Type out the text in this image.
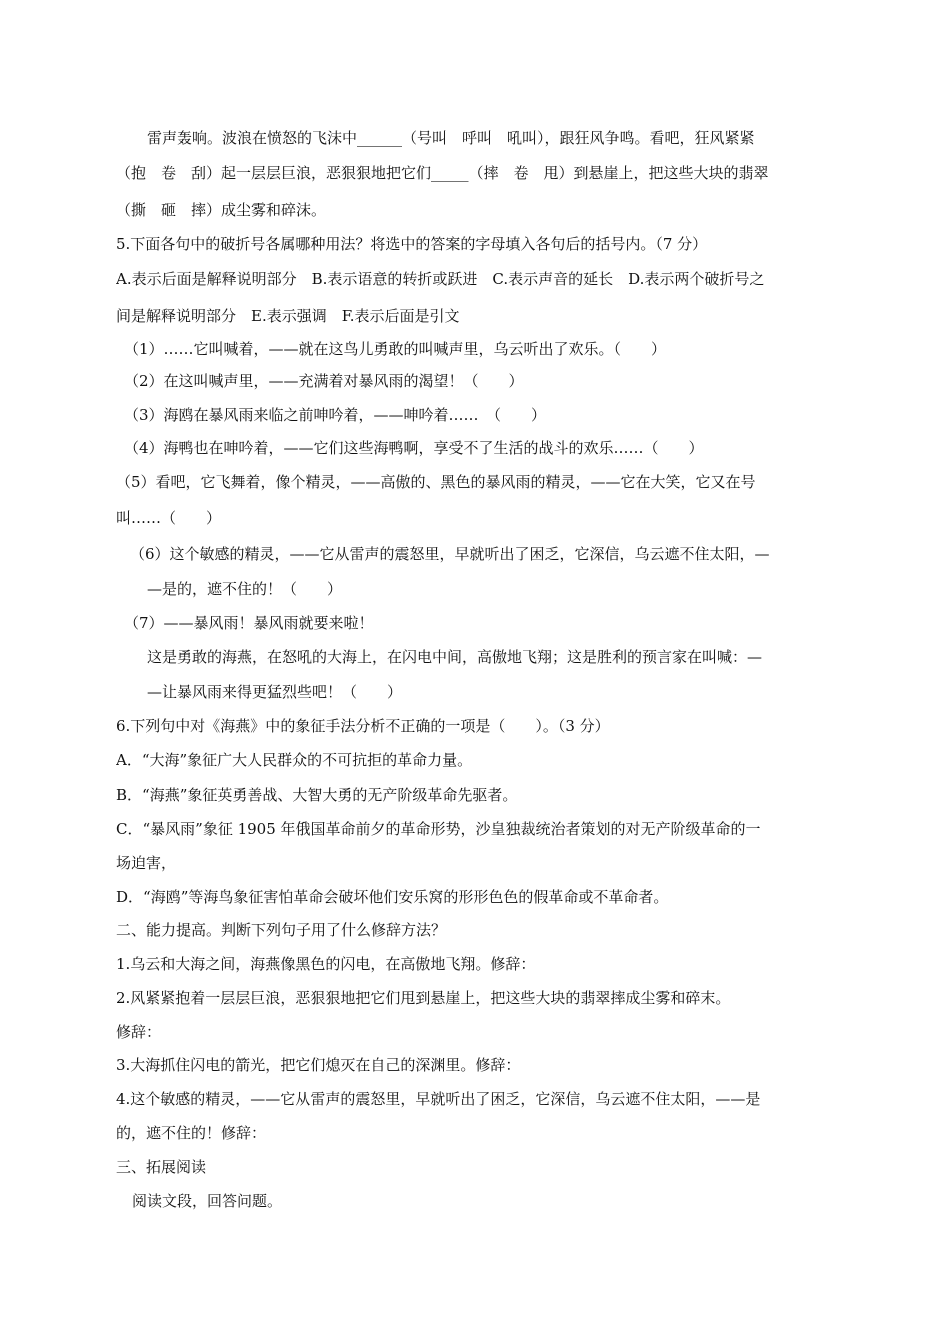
雷声轰响。波浪在愤怒的飞沫中______（号叫　呼叫　吼叫），跟狂风争鸣。看吧，狂风紧紧
（抱　卷　刮）起一层层巨浪，恶狠狠地把它们_____（摔　卷　甩）到悬崖上，把这些大块的翡翠
（撕　砸　摔）成尘雾和碎沫。
5.下面各句中的破折号各属哪种用法？将选中的答案的字母填入各句后的括号内。（7 分）
A.表示后面是解释说明部分　B.表示语意的转折或跃进　C.表示声音的延长　D.表示两个破折号之
间是解释说明部分　E.表示强调　F.表示后面是引文
（1）……它叫喊着，——就在这鸟儿勇敢的叫喊声里，乌云听出了欢乐。（　　）
（2）在这叫喊声里，——充满着对暴风雨的渴望！（　　）
（3）海鸥在暴风雨来临之前呻吟着，——呻吟着……　（　　）
（4）海鸭也在呻吟着，——它们这些海鸭啊，享受不了生活的战斗的欢乐……（　　）
（5）看吧，它飞舞着，像个精灵，——高傲的、黑色的暴风雨的精灵，——它在大笑，它又在号
叫……（　　）
（6）这个敏感的精灵，——它从雷声的震怒里，早就听出了困乏，它深信，乌云遮不住太阳，—
—是的，遮不住的！（　　）
（7）——暴风雨！暴风雨就要来啦！
这是勇敢的海燕，在怒吼的大海上，在闪电中间，高傲地飞翔；这是胜利的预言家在叫喊：—
—让暴风雨来得更猛烈些吧！（　　）
6.下列句中对《海燕》中的象征手法分析不正确的一项是（　　）。（3 分）
A．“大海”象征广大人民群众的不可抗拒的革命力量。
B．“海燕”象征英勇善战、大智大勇的无产阶级革命先驱者。
C．“暴风雨”象征 1905 年俄国革命前夕的革命形势，沙皇独裁统治者策划的对无产阶级革命的一
场迫害，
D．“海鸥”等海鸟象征害怕革命会破坏他们安乐窝的形形色色的假革命或不革命者。
二、能力提高。判断下列句子用了什么修辞方法？
1.乌云和大海之间，海燕像黑色的闪电，在高傲地飞翔。修辞：
2.风紧紧抱着一层层巨浪，恶狠狠地把它们甩到悬崖上，把这些大块的翡翠摔成尘雾和碎末。
修辞：
3.大海抓住闪电的箭光，把它们熄灭在自己的深渊里。修辞：
4.这个敏感的精灵，——它从雷声的震怒里，早就听出了困乏，它深信，乌云遮不住太阳，——是
的，遮不住的！修辞：
三、拓展阅读
阅读文段，回答问题。
